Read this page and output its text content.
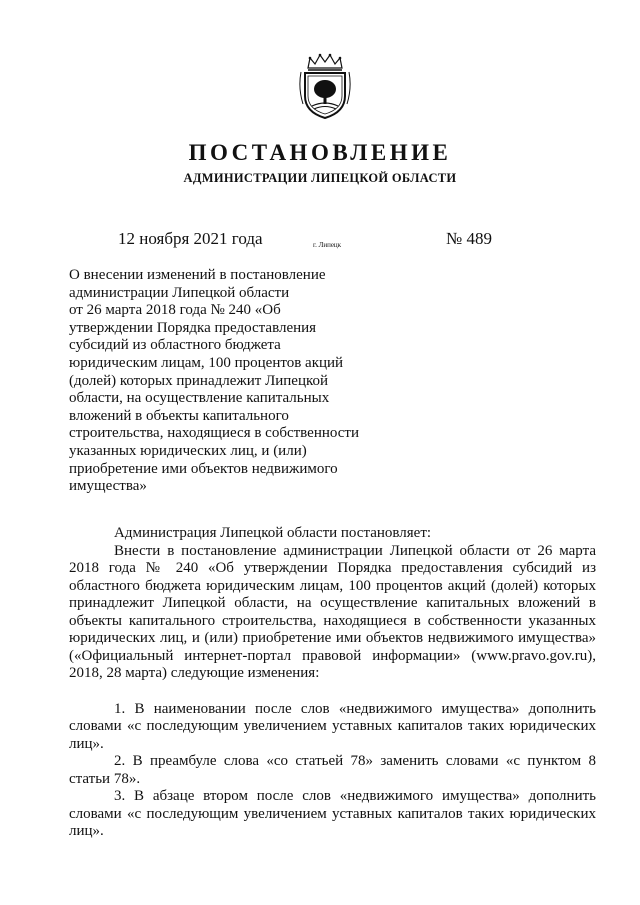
ПОСТАНОВЛЕНИЕ
АДМИНИСТРАЦИИ ЛИПЕЦКОЙ ОБЛАСТИ
12 ноября 2021 года	г. Липецк	№ 489
О внесении изменений в постановление
администрации Липецкой области
от 26 марта 2018 года № 240 «Об
утверждении Порядка предоставления
субсидий из областного бюджета
юридическим лицам, 100 процентов акций
(долей) которых принадлежит Липецкой
области, на осуществление капитальных
вложений в объекты капитального
строительства, находящиеся в собственности
указанных юридических лиц, и (или)
приобретение ими объектов недвижимого
имущества»
Администрация Липецкой области постановляет:
Внести в постановление администрации Липецкой области от 26 марта
2018 года № 240 «Об утверждении Порядка предоставления субсидий из
областного бюджета юридическим лицам, 100 процентов акций (долей) которых
принадлежит Липецкой области, на осуществление капитальных вложений в
объекты капитального строительства, находящиеся в собственности указанных
юридических лиц, и (или) приобретение ими объектов недвижимого имущества»
(«Официальный интернет-портал правовой информации» (www.pravo.gov.ru),
2018, 28 марта) следующие изменения:
1. В наименовании после слов «недвижимого имущества» дополнить
словами «с последующим увеличением уставных капиталов таких юридических
лиц».
2. В преамбуле слова «со статьей 78» заменить словами «с пунктом 8
статьи 78».
3. В абзаце втором после слов «недвижимого имущества» дополнить
словами «с последующим увеличением уставных капиталов таких юридических
лиц».
